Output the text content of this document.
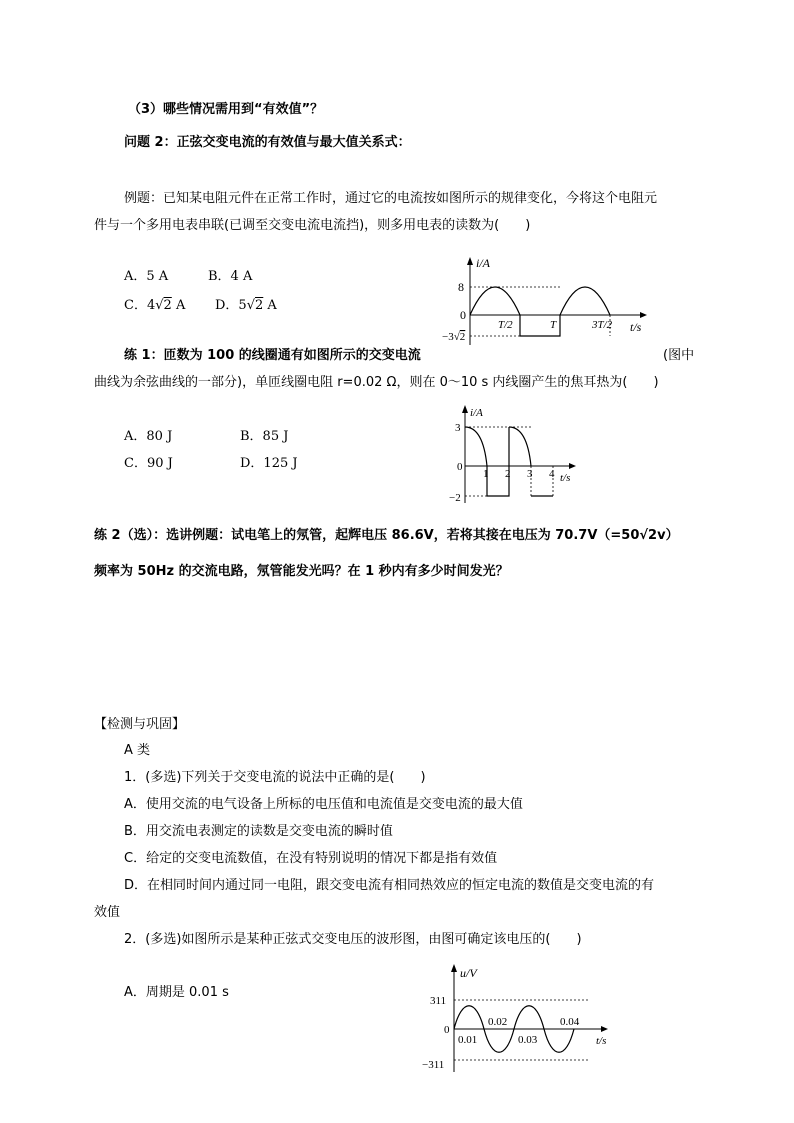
（3）哪些情况需用到“有效值”？
问题 2：正弦交变电流的有效值与最大值关系式：
例题：已知某电阻元件在正常工作时，通过它的电流按如图所示的规律变化，今将这个电阻元
件与一个多用电表串联(已调至交变电流电流挡)，则多用电表的读数为(　　)
A．5 A	B．4 A
C．4√2 A D．5√2 A
i/A
t/s
8
0
−3√2
T/2	T	3T/2
练 1：匝数为 100 的线圈通有如图所示的交变电流	(图中
曲线为余弦曲线的一部分)，单匝线圈电阻 r=0.02 Ω，则在 0～10 s 内线圈产生的焦耳热为(　　)
A．80 J	B．85 J
C．90 J	D．125 J
i/A
t/s
3
0
−2
1 2 3 4
练 2（选）：选讲例题：试电笔上的氖管，起辉电压 86.6V，若将其接在电压为 70.7V（=50√2v）
频率为 50Hz 的交流电路，氖管能发光吗？在 1 秒内有多少时间发光？
【检测与巩固】
A 类
1．(多选)下列关于交变电流的说法中正确的是(　　)
A．使用交流的电气设备上所标的电压值和电流值是交变电流的最大值
B．用交流电表测定的读数是交变电流的瞬时值
C．给定的交变电流数值，在没有特别说明的情况下都是指有效值
D．在相同时间内通过同一电阻，跟交变电流有相同热效应的恒定电流的数值是交变电流的有
效值
2．(多选)如图所示是某种正弦式交变电压的波形图，由图可确定该电压的(　　)
A．周期是 0.01 s
u/V
t/s
311
0
−311
0.01
0.02
0.03
0.04
